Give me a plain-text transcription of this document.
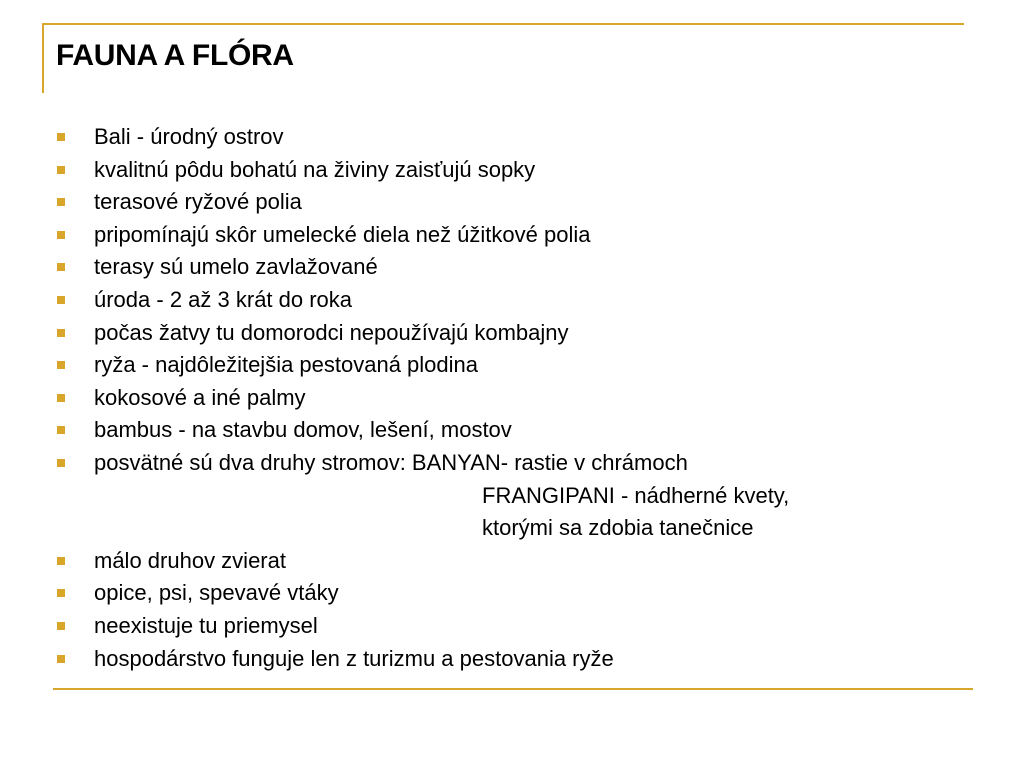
FAUNA A FLÓRA
Bali - úrodný ostrov
kvalitnú pôdu bohatú na živiny zaisťujú sopky
terasové ryžové polia
pripomínajú skôr umelecké diela než úžitkové polia
terasy sú umelo zavlažované
úroda - 2 až 3 krát do roka
počas žatvy tu domorodci nepoužívajú kombajny
ryža - najdôležitejšia pestovaná plodina
kokosové a iné palmy
bambus - na stavbu domov, lešení, mostov
posvätné sú dva druhy stromov: BANYAN- rastie v chrámoch
FRANGIPANI - nádherné kvety,
ktorými sa zdobia tanečnice
málo druhov zvierat
opice, psi, spevavé vtáky
neexistuje tu priemysel
hospodárstvo funguje len z turizmu a pestovania ryže
